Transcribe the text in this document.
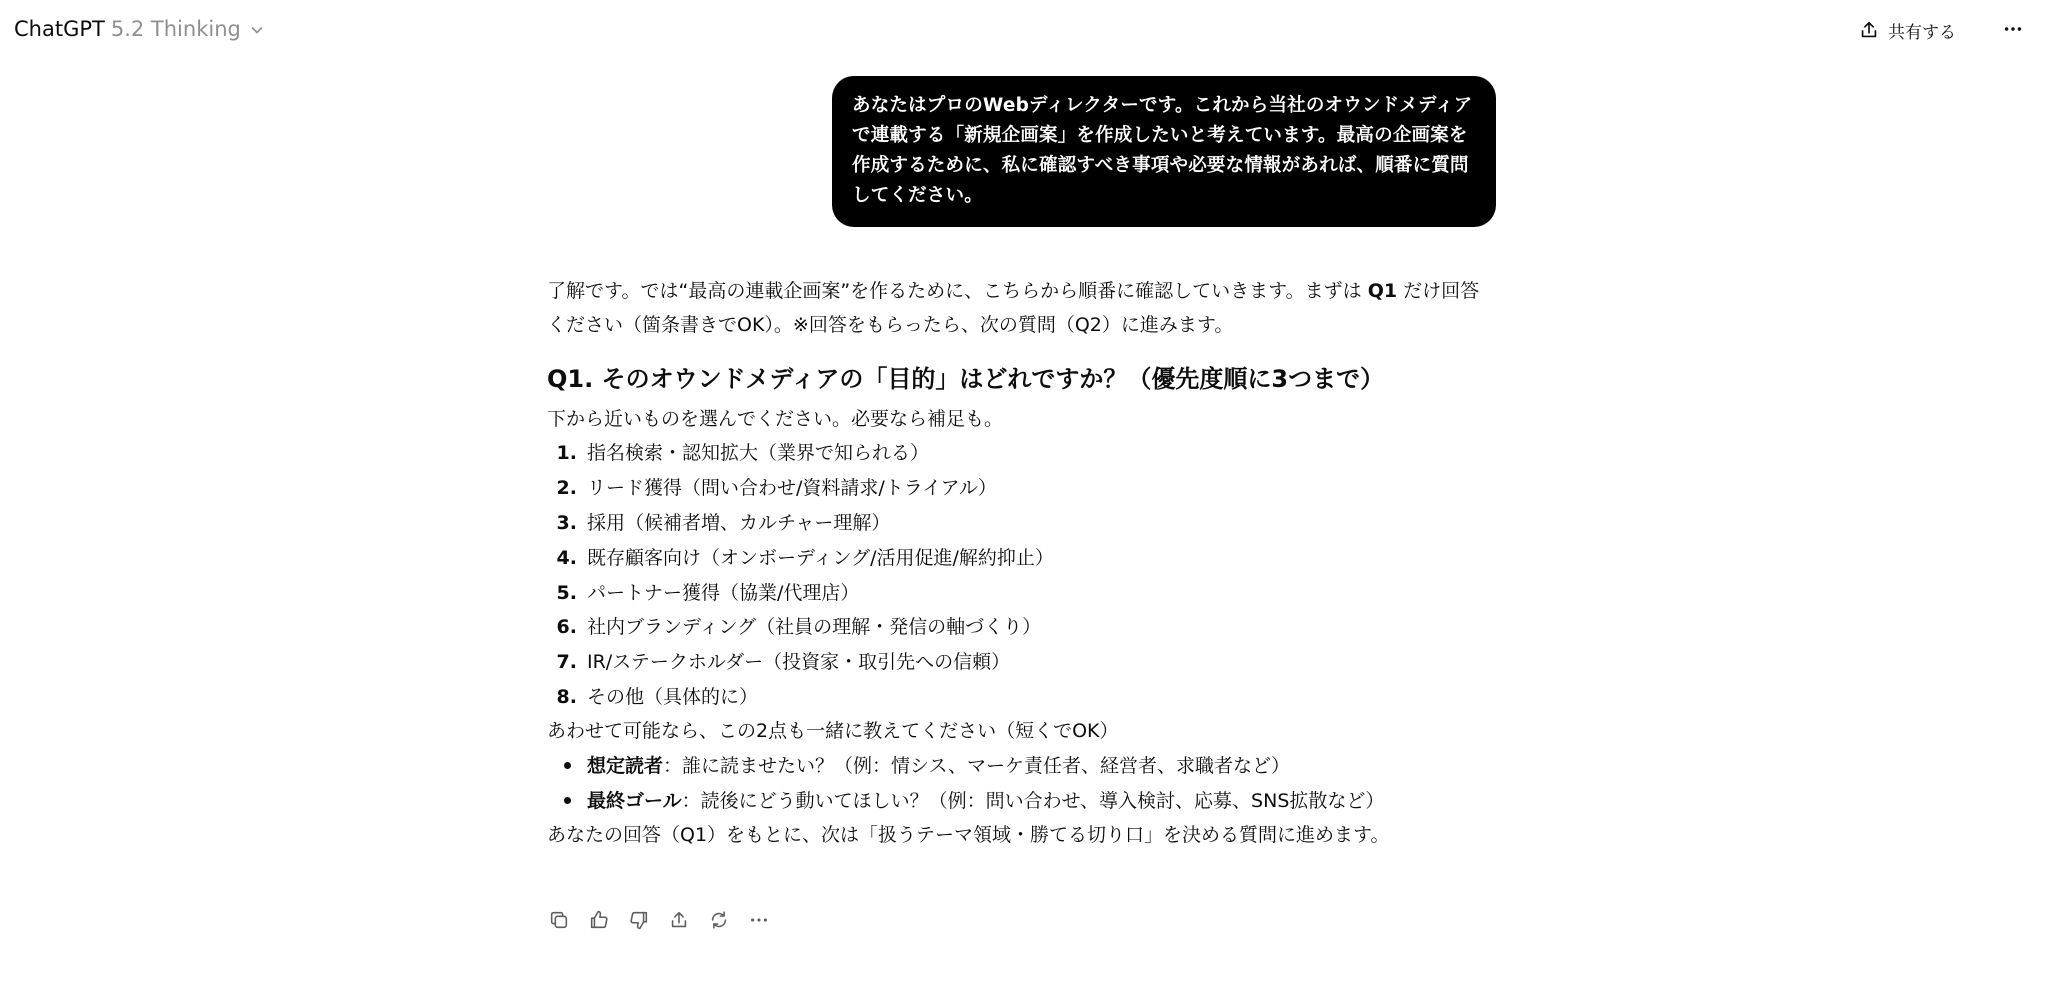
ChatGPT 5.2 Thinking	共有する
あなたはプロのWebディレクターです。これから当社のオウンドメディアで連載する「新規企画案」を作成したいと考えています。最高の企画案を作成するために、私に確認すべき事項や必要な情報があれば、順番に質問してください。

了解です。では“最高の連載企画案”を作るために、こちらから順番に確認していきます。まずは Q1 だけ回答ください（箇条書きでOK）。※回答をもらったら、次の質問（Q2）に進みます。

Q1. そのオウンドメディアの「目的」はどれですか？（優先度順に3つまで）

下から近いものを選んでください。必要なら補足も。

1. 指名検索・認知拡大（業界で知られる）
2. リード獲得（問い合わせ/資料請求/トライアル）
3. 採用（候補者増、カルチャー理解）
4. 既存顧客向け（オンボーディング/活用促進/解約抑止）
5. パートナー獲得（協業/代理店）
6. 社内ブランディング（社員の理解・発信の軸づくり）
7. IR/ステークホルダー（投資家・取引先への信頼）
8. その他（具体的に）

あわせて可能なら、この2点も一緒に教えてください（短くでOK）

想定読者 ：誰に読ませたい？（例：情シス、マーケ責任者、経営者、求職者など）
最終ゴール ：読後にどう動いてほしい？（例：問い合わせ、導入検討、応募、SNS拡散など）

あなたの回答（Q1）をもとに、次は「扱うテーマ領域・勝てる切り口」を決める質問に進めます。
